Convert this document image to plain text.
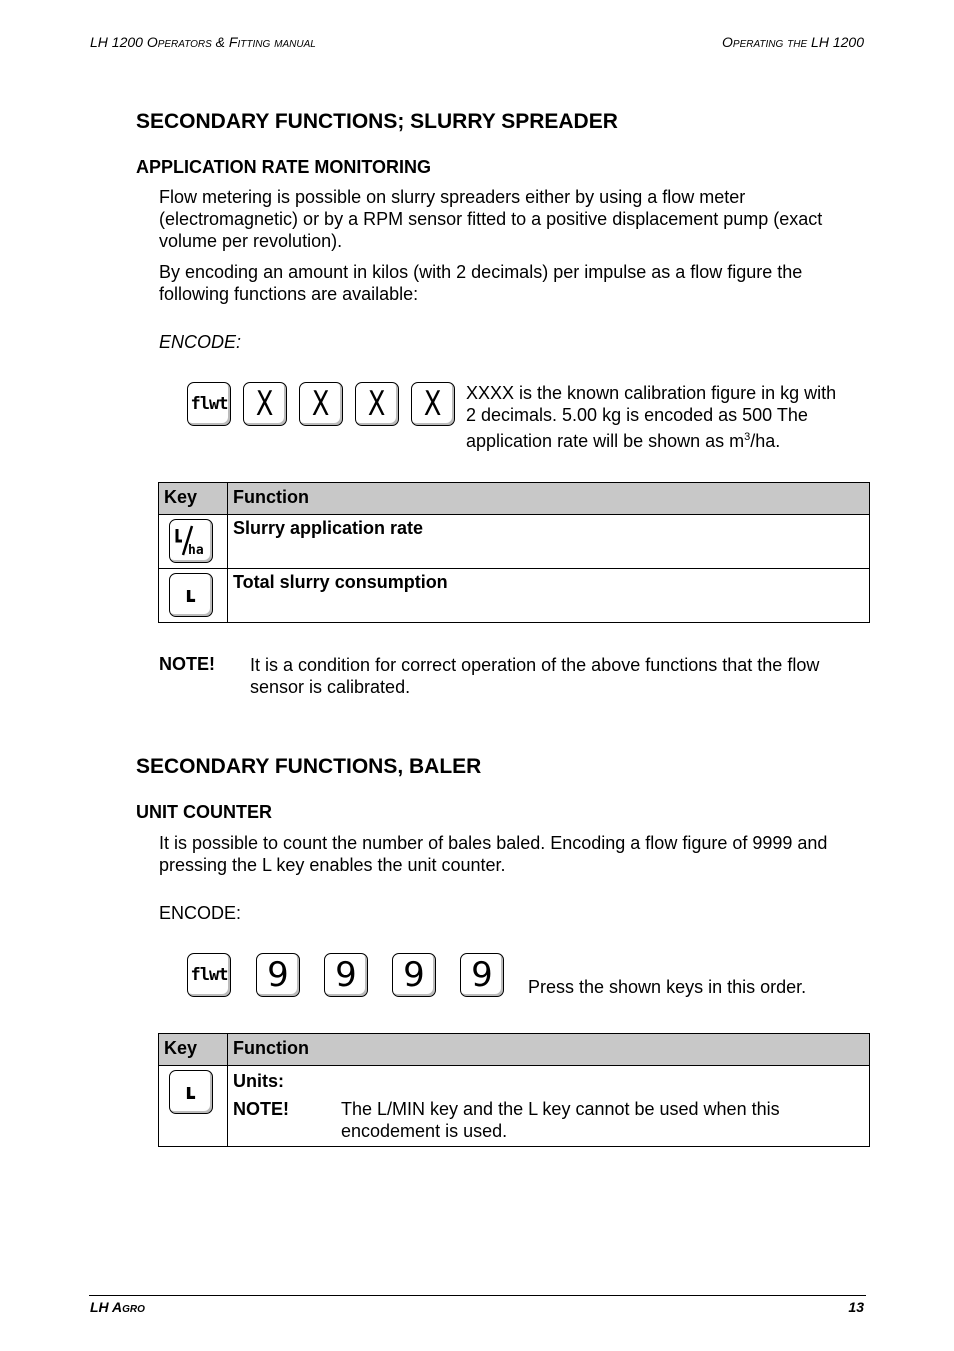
LH 1200 Operators & Fitting manual	Operating the LH 1200
SECONDARY FUNCTIONS; SLURRY SPREADER
APPLICATION RATE MONITORING
Flow metering is possible on slurry spreaders either by using a flow meter (electromagnetic) or by a RPM sensor fitted to a positive displacement pump (exact volume per revolution).
By encoding an amount in kilos (with 2 decimals) per impulse as a flow figure the following functions are available:
ENCODE:
flwt X X X X XXXX is the known calibration figure in kg with
2 decimals. 5.00 kg is encoded as 500 The
application rate will be shown as $m^3/ha$.
Key	Function

ha	Slurry application rate

ʟ	Total slurry consumption
NOTE! It is a condition for correct operation of the above functions that the flow sensor is calibrated.
SECONDARY FUNCTIONS, BALER
UNIT COUNTER
It is possible to count the number of bales baled. Encoding a flow figure of 9999 and pressing the L key enables the unit counter.
ENCODE:
flwt 9 9 9 9 Press the shown keys in this order.
Key	Function

ʟ	Units:
NOTE! The L/MIN key and the L key cannot be used when this encodement is used.
LH Agro	13
